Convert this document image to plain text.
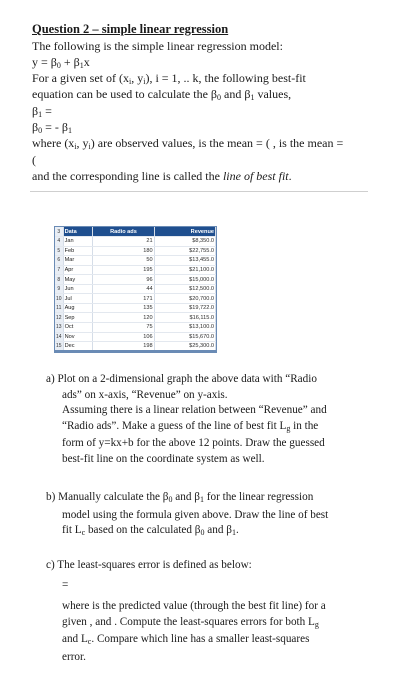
Question 2 – simple linear regression
The following is the simple linear regression model:
$y = \beta_0 + \beta_1x$
For a given set of ($x_i$, $y_i$), i = 1, .. k, the following best-fit
equation can be used to calculate the $\beta_0$ and $\beta_1$ values,
$\beta_1$ =
$\beta_0$ = - $\beta_1$
where ($x_i$, $y_i$) are observed values, is the mean = ( , is the mean =
(
and the corresponding line is called the line of best fit.
3	Data	Radio ads	Revenue
4	Jan	21	$8,350.0
5	Feb	180	$22,755.0
6	Mar	50	$13,455.0
7	Apr	195	$21,100.0
8	May	96	$15,000.0
9	Jun	44	$12,500.0
10	Jul	171	$20,700.0
11	Aug	135	$19,722.0
12	Sep	120	$16,115.0
13	Oct	75	$13,100.0
14	Nov	106	$15,670.0
15	Dec	198	$25,300.0
a) Plot on a 2-dimensional graph the above data with “Radio
ads” on x-axis, “Revenue” on y-axis.
Assuming there is a linear relation between “Revenue” and
“Radio ads”. Make a guess of the line of best fit $L_g$ in the
form of y=kx+b for the above 12 points. Draw the guessed
best-fit line on the coordinate system as well.
b) Manually calculate the $\beta_0$ and $\beta_1$ for the linear regression
model using the formula given above. Draw the line of best
fit $L_c$ based on the calculated $\beta_0$ and $\beta_1$.
c) The least-squares error is defined as below:
=
where is the predicted value (through the best fit line) for a
given , and . Compute the least-squares errors for both $L_g$
and $L_c$. Compare which line has a smaller least-squares
error.
